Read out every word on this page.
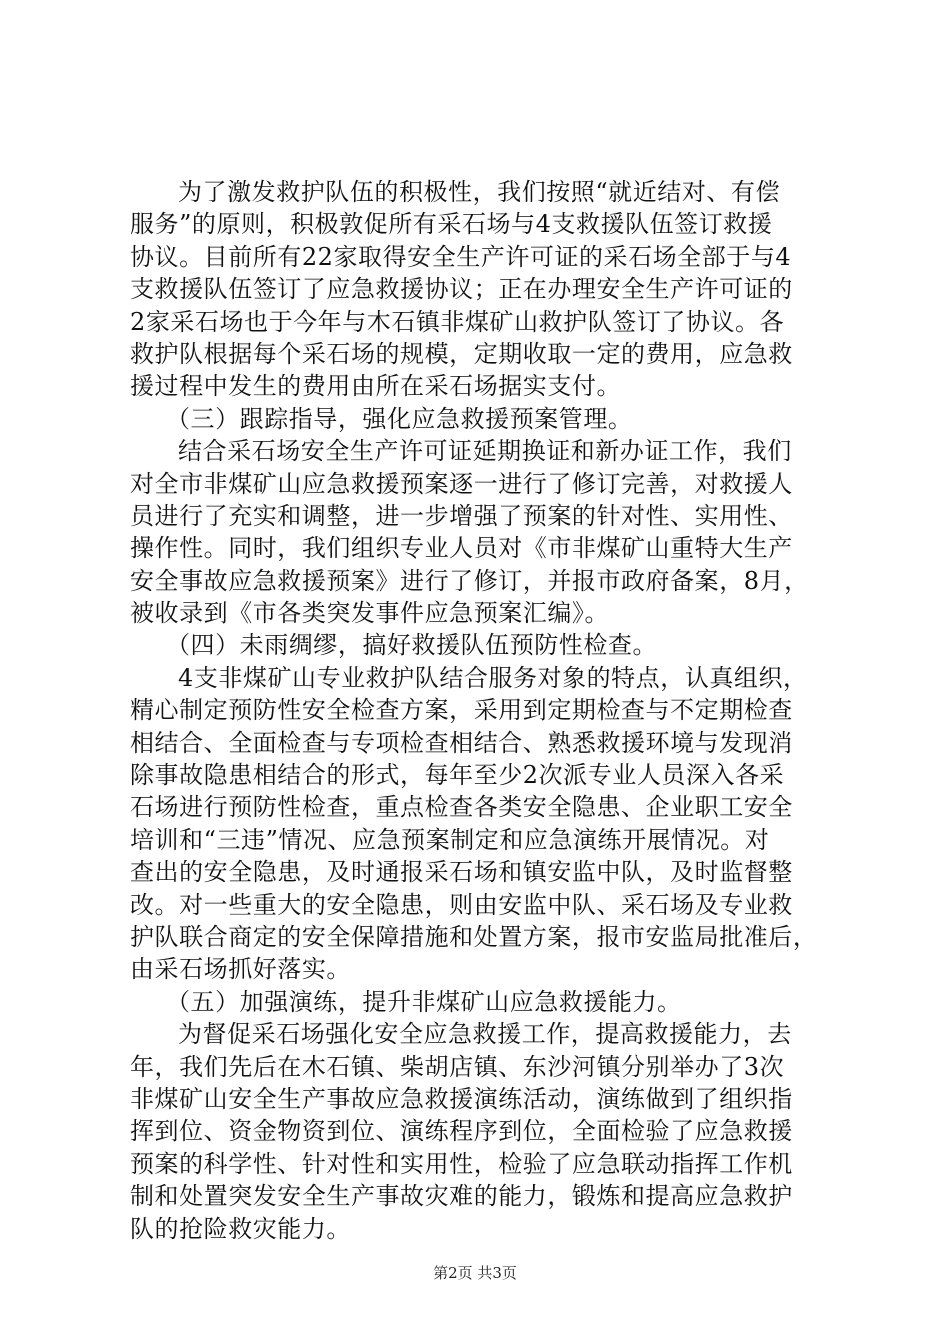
为了激发救护队伍的积极性，我们按照“就近结对、有偿
服务”的原则，积极敦促所有采石场与4支救援队伍签订救援
协议。目前所有22家取得安全生产许可证的采石场全部于与4
支救援队伍签订了应急救援协议；正在办理安全生产许可证的
2家采石场也于今年与木石镇非煤矿山救护队签订了协议。各
救护队根据每个采石场的规模，定期收取一定的费用，应急救
援过程中发生的费用由所在采石场据实支付。
（三）跟踪指导，强化应急救援预案管理。
结合采石场安全生产许可证延期换证和新办证工作，我们
对全市非煤矿山应急救援预案逐一进行了修订完善，对救援人
员进行了充实和调整，进一步增强了预案的针对性、实用性、
操作性。同时，我们组织专业人员对《市非煤矿山重特大生产
安全事故应急救援预案》进行了修订，并报市政府备案，8月，
被收录到《市各类突发事件应急预案汇编》。
（四）未雨绸缪，搞好救援队伍预防性检查。
4支非煤矿山专业救护队结合服务对象的特点，认真组织，
精心制定预防性安全检查方案，采用到定期检查与不定期检查
相结合、全面检查与专项检查相结合、熟悉救援环境与发现消
除事故隐患相结合的形式，每年至少2次派专业人员深入各采
石场进行预防性检查，重点检查各类安全隐患、企业职工安全
培训和“三违”情况、应急预案制定和应急演练开展情况。对
查出的安全隐患，及时通报采石场和镇安监中队，及时监督整
改。对一些重大的安全隐患，则由安监中队、采石场及专业救
护队联合商定的安全保障措施和处置方案，报市安监局批准后，
由采石场抓好落实。
（五）加强演练，提升非煤矿山应急救援能力。
为督促采石场强化安全应急救援工作，提高救援能力，去
年，我们先后在木石镇、柴胡店镇、东沙河镇分别举办了3次
非煤矿山安全生产事故应急救援演练活动，演练做到了组织指
挥到位、资金物资到位、演练程序到位，全面检验了应急救援
预案的科学性、针对性和实用性，检验了应急联动指挥工作机
制和处置突发安全生产事故灾难的能力，锻炼和提高应急救护
队的抢险救灾能力。
第2页 共3页
